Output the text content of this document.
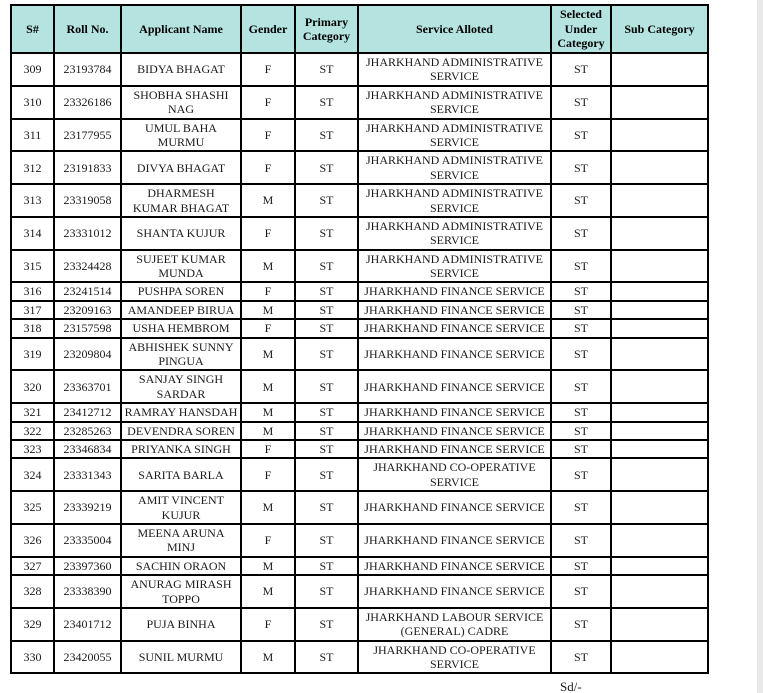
S#	Roll No.	Applicant Name	Gender	Primary Category	Service Alloted	Selected Under Category	Sub Category
309	23193784	BIDYA BHAGAT	F	ST	JHARKHAND ADMINISTRATIVE SERVICE	ST	
310	23326186	SHOBHA SHASHI NAG	F	ST	JHARKHAND ADMINISTRATIVE SERVICE	ST	
311	23177955	UMUL BAHA MURMU	F	ST	JHARKHAND ADMINISTRATIVE SERVICE	ST	
312	23191833	DIVYA BHAGAT	F	ST	JHARKHAND ADMINISTRATIVE SERVICE	ST	
313	23319058	DHARMESH KUMAR BHAGAT	M	ST	JHARKHAND ADMINISTRATIVE SERVICE	ST	
314	23331012	SHANTA KUJUR	F	ST	JHARKHAND ADMINISTRATIVE SERVICE	ST	
315	23324428	SUJEET KUMAR MUNDA	M	ST	JHARKHAND ADMINISTRATIVE SERVICE	ST	
316	23241514	PUSHPA SOREN	F	ST	JHARKHAND FINANCE SERVICE	ST	
317	23209163	AMANDEEP BIRUA	M	ST	JHARKHAND FINANCE SERVICE	ST	
318	23157598	USHA HEMBROM	F	ST	JHARKHAND FINANCE SERVICE	ST	
319	23209804	ABHISHEK SUNNY PINGUA	M	ST	JHARKHAND FINANCE SERVICE	ST	
320	23363701	SANJAY SINGH SARDAR	M	ST	JHARKHAND FINANCE SERVICE	ST	
321	23412712	RAMRAY HANSDAH	M	ST	JHARKHAND FINANCE SERVICE	ST	
322	23285263	DEVENDRA SOREN	M	ST	JHARKHAND FINANCE SERVICE	ST	
323	23346834	PRIYANKA SINGH	F	ST	JHARKHAND FINANCE SERVICE	ST	
324	23331343	SARITA BARLA	F	ST	JHARKHAND CO-OPERATIVE SERVICE	ST	
325	23339219	AMIT VINCENT KUJUR	M	ST	JHARKHAND FINANCE SERVICE	ST	
326	23335004	MEENA ARUNA MINJ	F	ST	JHARKHAND FINANCE SERVICE	ST	
327	23397360	SACHIN ORAON	M	ST	JHARKHAND FINANCE SERVICE	ST	
328	23338390	ANURAG MIRASH TOPPO	M	ST	JHARKHAND FINANCE SERVICE	ST	
329	23401712	PUJA BINHA	F	ST	JHARKHAND LABOUR SERVICE (GENERAL) CADRE	ST	
330	23420055	SUNIL MURMU	M	ST	JHARKHAND CO-OPERATIVE SERVICE	ST	
Sd/-
